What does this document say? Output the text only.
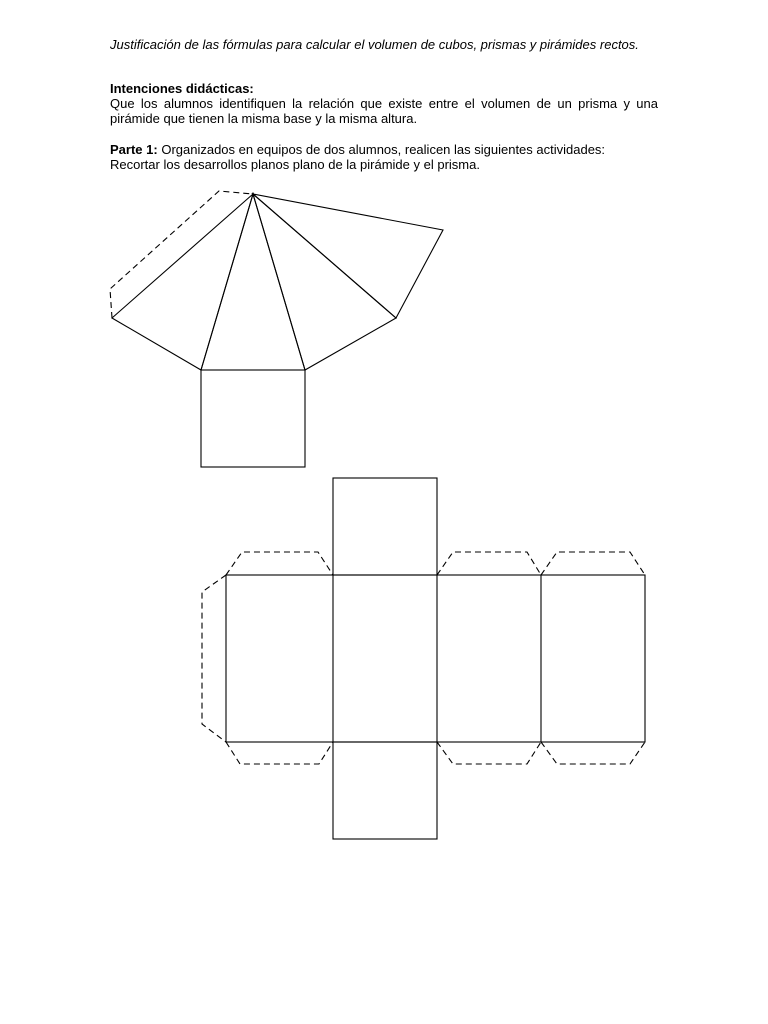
Justificación de las fórmulas para calcular el volumen de cubos, prismas y pirámides rectos.
Intenciones didácticas:
Que los alumnos identifiquen la relación que existe entre el volumen de un prisma y una pirámide que tienen la misma base y la misma altura.
Parte 1: Organizados en equipos de dos alumnos, realicen las siguientes actividades:
Recortar los desarrollos planos plano de la pirámide y el prisma.
